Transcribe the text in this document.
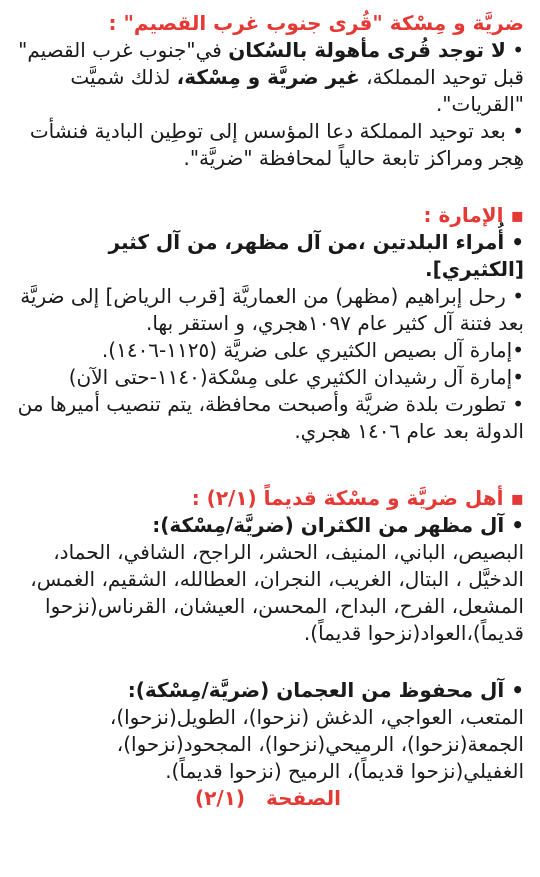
ضريَّة و مِسْكة "قُرى جنوب غرب القصيم" :

• لا توجد قُرى مأهولة بالسُكان في"جنوب غرب القصيم" قبل توحيد المملكة، غير ضريَّة و مِسْكة، لذلك شميَّت "القريات".

• بعد توحيد المملكة دعا المؤسس إلى توطِين البادية فنشأت هِجر ومراكز تابعة حالياً لمحافظة "ضريَّة".

▪ الإمارة :

• أُمراء البلدتين ،من آل مظهر، من آل كثير [الكثيري].

• رحل إبراهيم (مظهر) من العماريَّة [قرب الرياض] إلى ضريَّة بعد فتنة آل كثير عام ١٠٩٧هجري، و استقر بها.

•إمارة آل بصيص الكثيري على ضريَّة (١١٢٥-١٤٠٦).

•إمارة آل رشيدان الكثيري على مِسْكة(١١٤٠-حتى الآن)

• تطورت بلدة ضريَّة وأصبحت محافظة، يتم تنصيب أميرها من الدولة بعد عام ١٤٠٦ هجري.

▪ أهل ضريَّة و مسْكة قديماً (٢/١) :

• آل مظهر من الكثران (ضريَّة/مِسْكة):

البصيص، الباني، المنيف، الحشر، الراجح، الشافي، الحماد، الدخيَّل ، البتال، الغريب، النجران، العطالله، الشقيم، الغمس، المشعل، الفرح، البداح، المحسن، العيشان، القرناس(نزحوا قديماً)،العواد(نزحوا قديماً).

• آل محفوظ من العجمان (ضريَّة/مِسْكة):

المتعب، العواجي، الدغش (نزحوا)، الطويل(نزحوا)، الجمعة(نزحوا)، الرميحي(نزحوا)، المجحود(نزحوا)، الغفيلي(نزحوا قديماً)، الرميح (نزحوا قديماً).

الصفحة   (٢/١)
